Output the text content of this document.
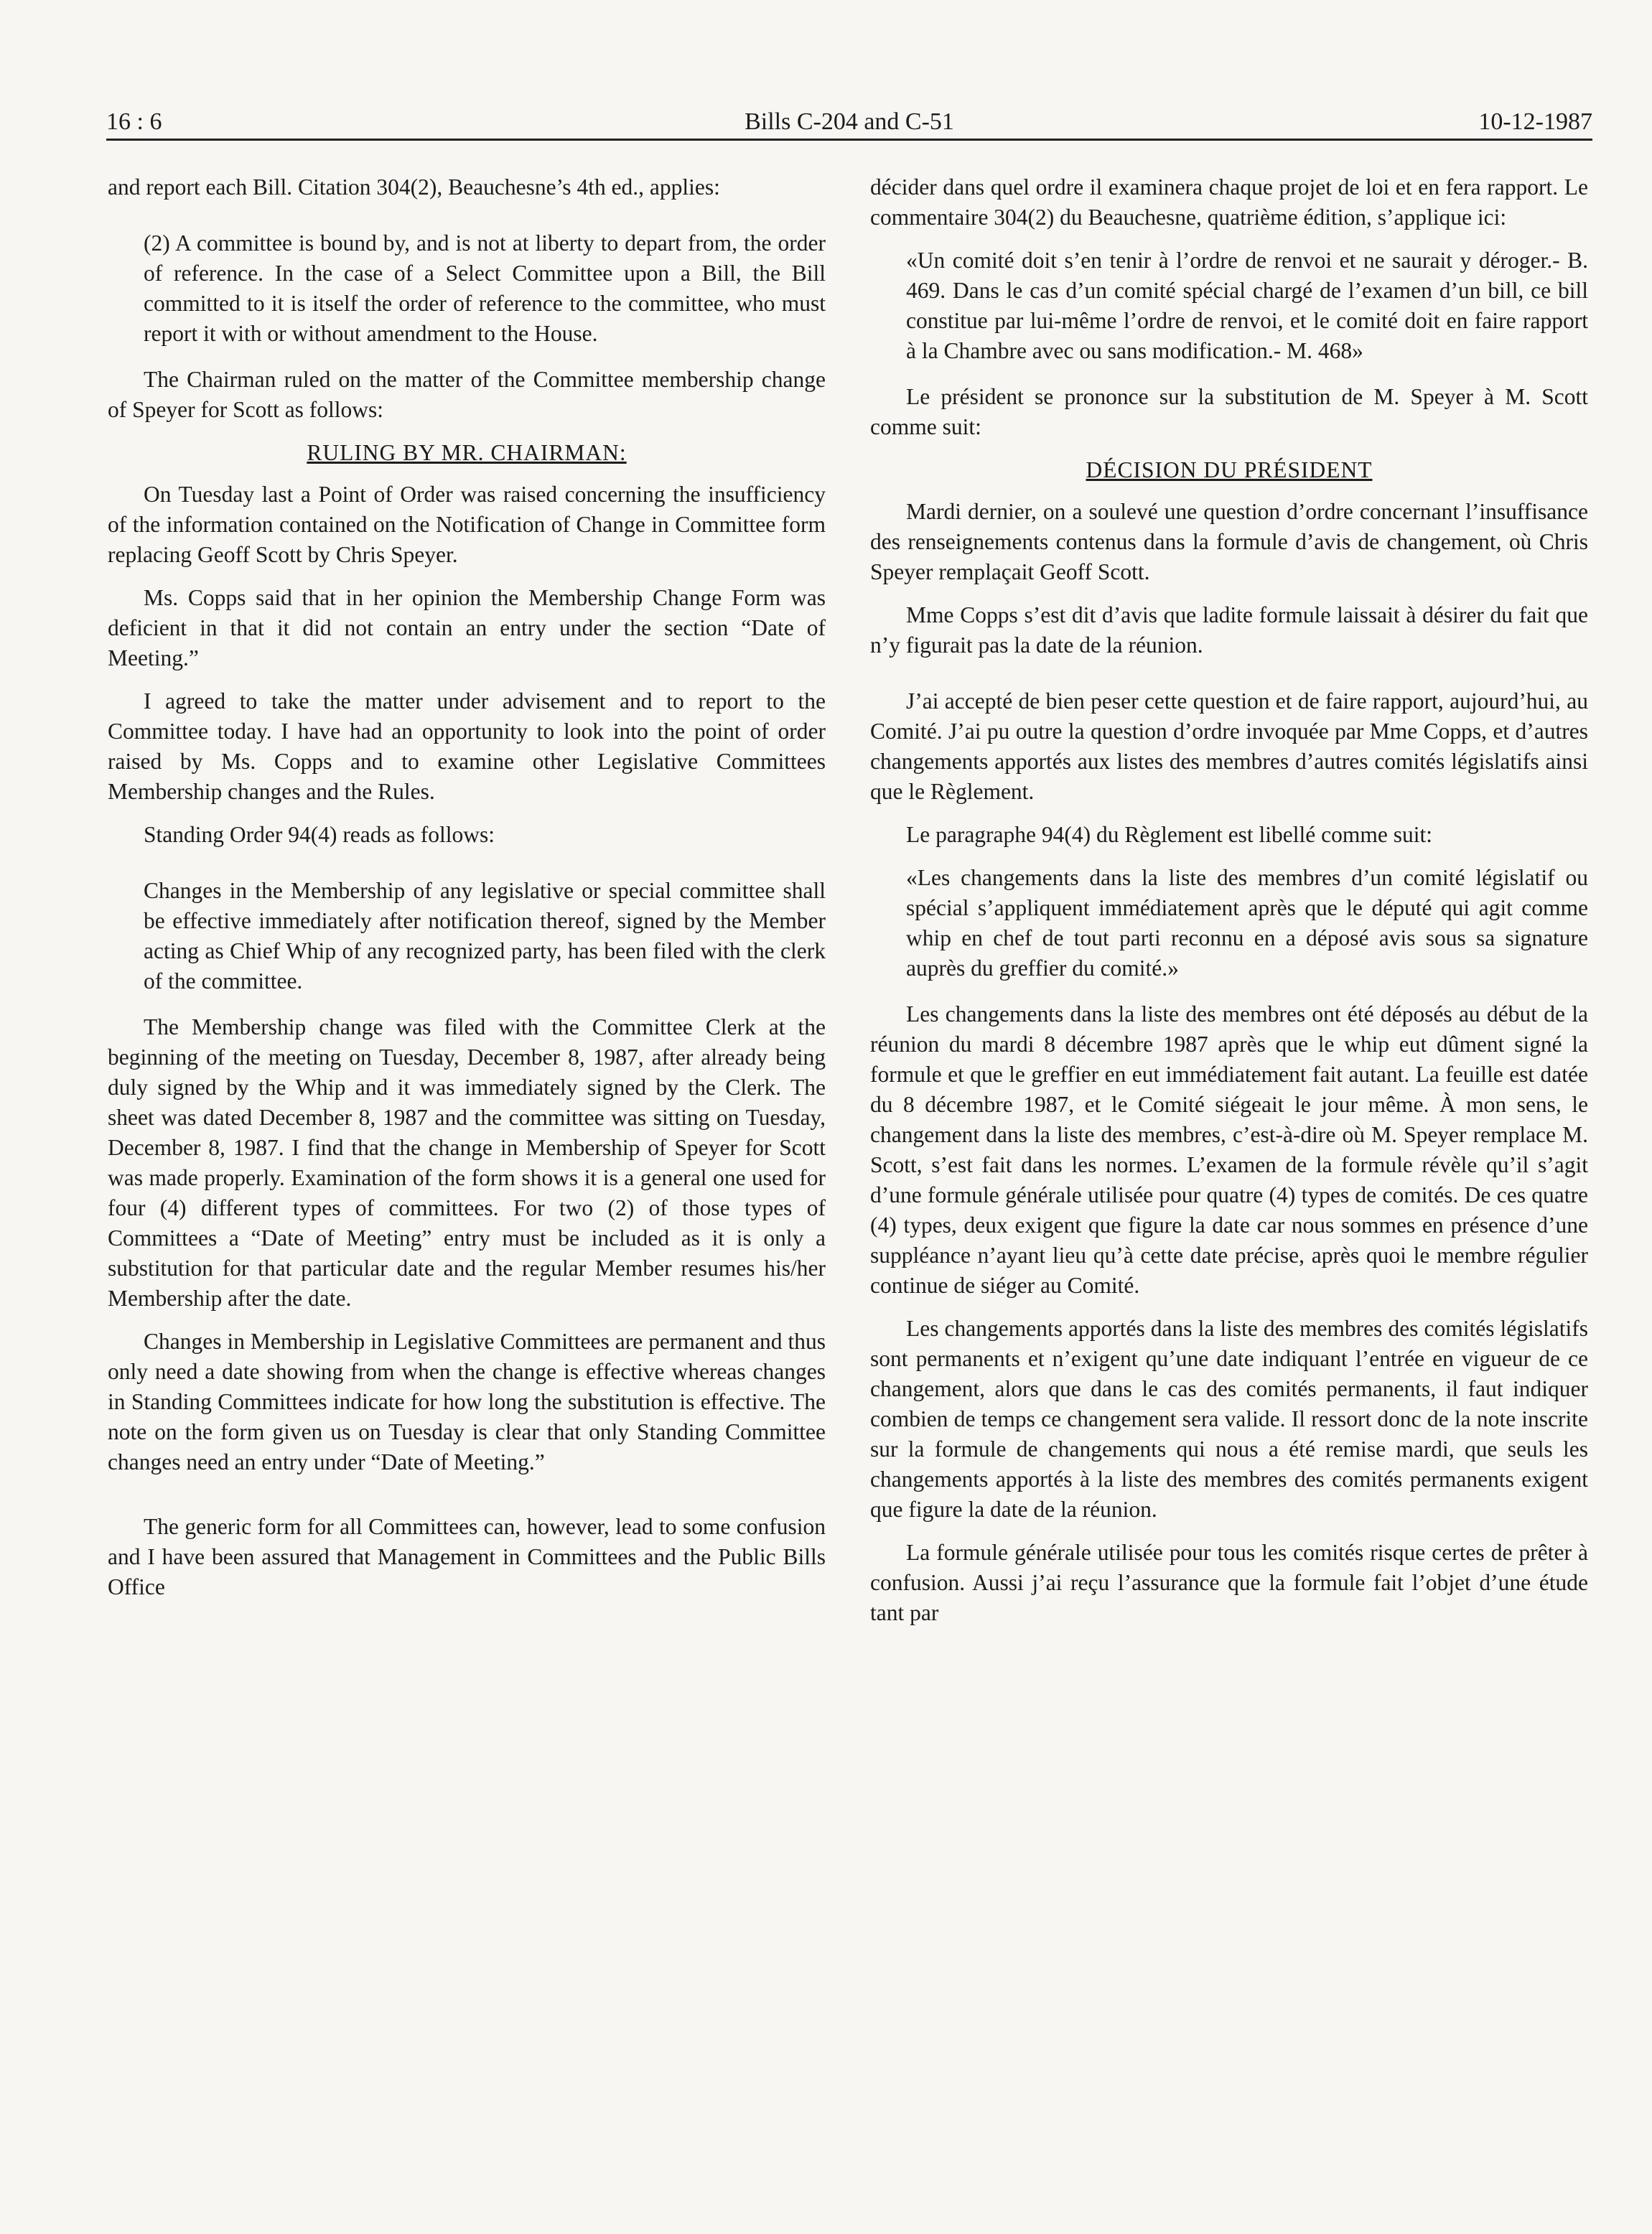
16 : 6	Bills C-204 and C-51	10-12-1987

and report each Bill. Citation 304(2), Beauchesne’s 4th ed., applies:

(2) A committee is bound by, and is not at liberty to depart from, the order of reference. In the case of a Select Committee upon a Bill, the Bill committed to it is itself the order of reference to the committee, who must report it with or without amendment to the House.

The Chairman ruled on the matter of the Committee membership change of Speyer for Scott as follows:

RULING BY MR. CHAIRMAN:

On Tuesday last a Point of Order was raised concerning the insufficiency of the information contained on the Notification of Change in Committee form replacing Geoff Scott by Chris Speyer.

Ms. Copps said that in her opinion the Membership Change Form was deficient in that it did not contain an entry under the section “Date of Meeting.”

I agreed to take the matter under advisement and to report to the Committee today. I have had an opportunity to look into the point of order raised by Ms. Copps and to examine other Legislative Committees Membership changes and the Rules.

Standing Order 94(4) reads as follows:

Changes in the Membership of any legislative or special committee shall be effective immediately after notification thereof, signed by the Member acting as Chief Whip of any recognized party, has been filed with the clerk of the committee.

The Membership change was filed with the Committee Clerk at the beginning of the meeting on Tuesday, December 8, 1987, after already being duly signed by the Whip and it was immediately signed by the Clerk. The sheet was dated December 8, 1987 and the committee was sitting on Tuesday, December 8, 1987. I find that the change in Membership of Speyer for Scott was made properly. Examination of the form shows it is a general one used for four (4) different types of committees. For two (2) of those types of Committees a “Date of Meeting” entry must be included as it is only a substitution for that particular date and the regular Member resumes his/her Membership after the date.

Changes in Membership in Legislative Committees are permanent and thus only need a date showing from when the change is effective whereas changes in Standing Committees indicate for how long the substitution is effective. The note on the form given us on Tuesday is clear that only Standing Committee changes need an entry under “Date of Meeting.”

The generic form for all Committees can, however, lead to some confusion and I have been assured that Management in Committees and the Public Bills Office

décider dans quel ordre il examinera chaque projet de loi et en fera rapport. Le commentaire 304(2) du Beauchesne, quatrième édition, s’applique ici:

«Un comité doit s’en tenir à l’ordre de renvoi et ne saurait y déroger.- B. 469. Dans le cas d’un comité spécial chargé de l’examen d’un bill, ce bill constitue par lui-même l’ordre de renvoi, et le comité doit en faire rapport à la Chambre avec ou sans modification.- M. 468»

Le président se prononce sur la substitution de M. Speyer à M. Scott comme suit:

DÉCISION DU PRÉSIDENT

Mardi dernier, on a soulevé une question d’ordre concernant l’insuffisance des renseignements contenus dans la formule d’avis de changement, où Chris Speyer remplaçait Geoff Scott.

Mme Copps s’est dit d’avis que ladite formule laissait à désirer du fait que n’y figurait pas la date de la réunion.

J’ai accepté de bien peser cette question et de faire rapport, aujourd’hui, au Comité. J’ai pu outre la question d’ordre invoquée par Mme Copps, et d’autres changements apportés aux listes des membres d’autres comités législatifs ainsi que le Règlement.

Le paragraphe 94(4) du Règlement est libellé comme suit:

«Les changements dans la liste des membres d’un comité législatif ou spécial s’appliquent immédiatement après que le député qui agit comme whip en chef de tout parti reconnu en a déposé avis sous sa signature auprès du greffier du comité.»

Les changements dans la liste des membres ont été déposés au début de la réunion du mardi 8 décembre 1987 après que le whip eut dûment signé la formule et que le greffier en eut immédiatement fait autant. La feuille est datée du 8 décembre 1987, et le Comité siégeait le jour même. À mon sens, le changement dans la liste des membres, c’est-à-dire où M. Speyer remplace M. Scott, s’est fait dans les normes. L’examen de la formule révèle qu’il s’agit d’une formule générale utilisée pour quatre (4) types de comités. De ces quatre (4) types, deux exigent que figure la date car nous sommes en présence d’une suppléance n’ayant lieu qu’à cette date précise, après quoi le membre régulier continue de siéger au Comité.

Les changements apportés dans la liste des membres des comités législatifs sont permanents et n’exigent qu’une date indiquant l’entrée en vigueur de ce changement, alors que dans le cas des comités permanents, il faut indiquer combien de temps ce changement sera valide. Il ressort donc de la note inscrite sur la formule de changements qui nous a été remise mardi, que seuls les changements apportés à la liste des membres des comités permanents exigent que figure la date de la réunion.

La formule générale utilisée pour tous les comités risque certes de prêter à confusion. Aussi j’ai reçu l’assurance que la formule fait l’objet d’une étude tant par
